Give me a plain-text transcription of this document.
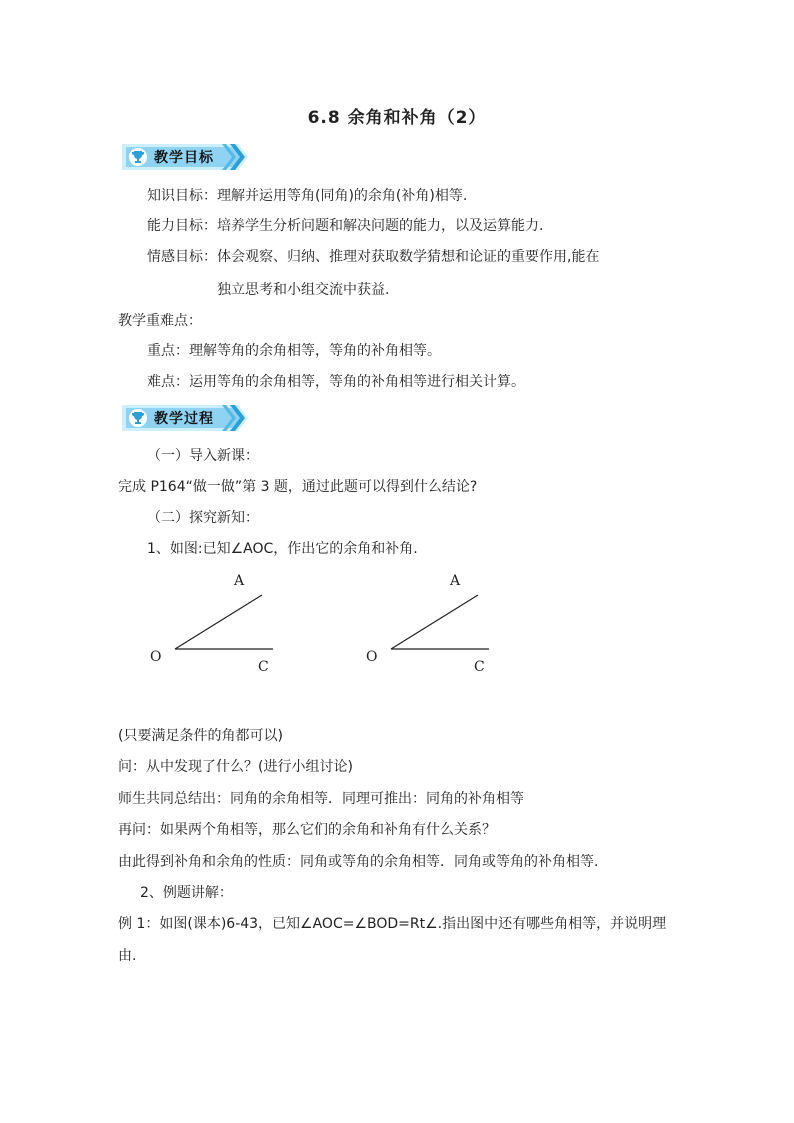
6.8 余角和补角（2）
教学目标
知识目标：理解并运用等角(同角)的余角(补角)相等.
能力目标：培养学生分析问题和解决问题的能力，以及运算能力.
情感目标：体会观察、归纳、推理对获取数学猜想和论证的重要作用,能在
独立思考和小组交流中获益.
教学重难点：
重点：理解等角的余角相等，等角的补角相等。
难点：运用等角的余角相等，等角的补角相等进行相关计算。
教学过程
（一）导入新课：
完成 P164“做一做”第 3 题，通过此题可以得到什么结论?
（二）探究新知：
1、如图:已知∠AOC，作出它的余角和补角.
A
O
C
A
O
C
(只要满足条件的角都可以)
问：从中发现了什么？(进行小组讨论)
师生共同总结出：同角的余角相等．同理可推出：同角的补角相等
再问：如果两个角相等，那么它们的余角和补角有什么关系？
由此得到补角和余角的性质：同角或等角的余角相等．同角或等角的补角相等.
2、例题讲解：
例 1：如图(课本)6-43，已知∠AOC=∠BOD=Rt∠.指出图中还有哪些角相等，并说明理
由.
